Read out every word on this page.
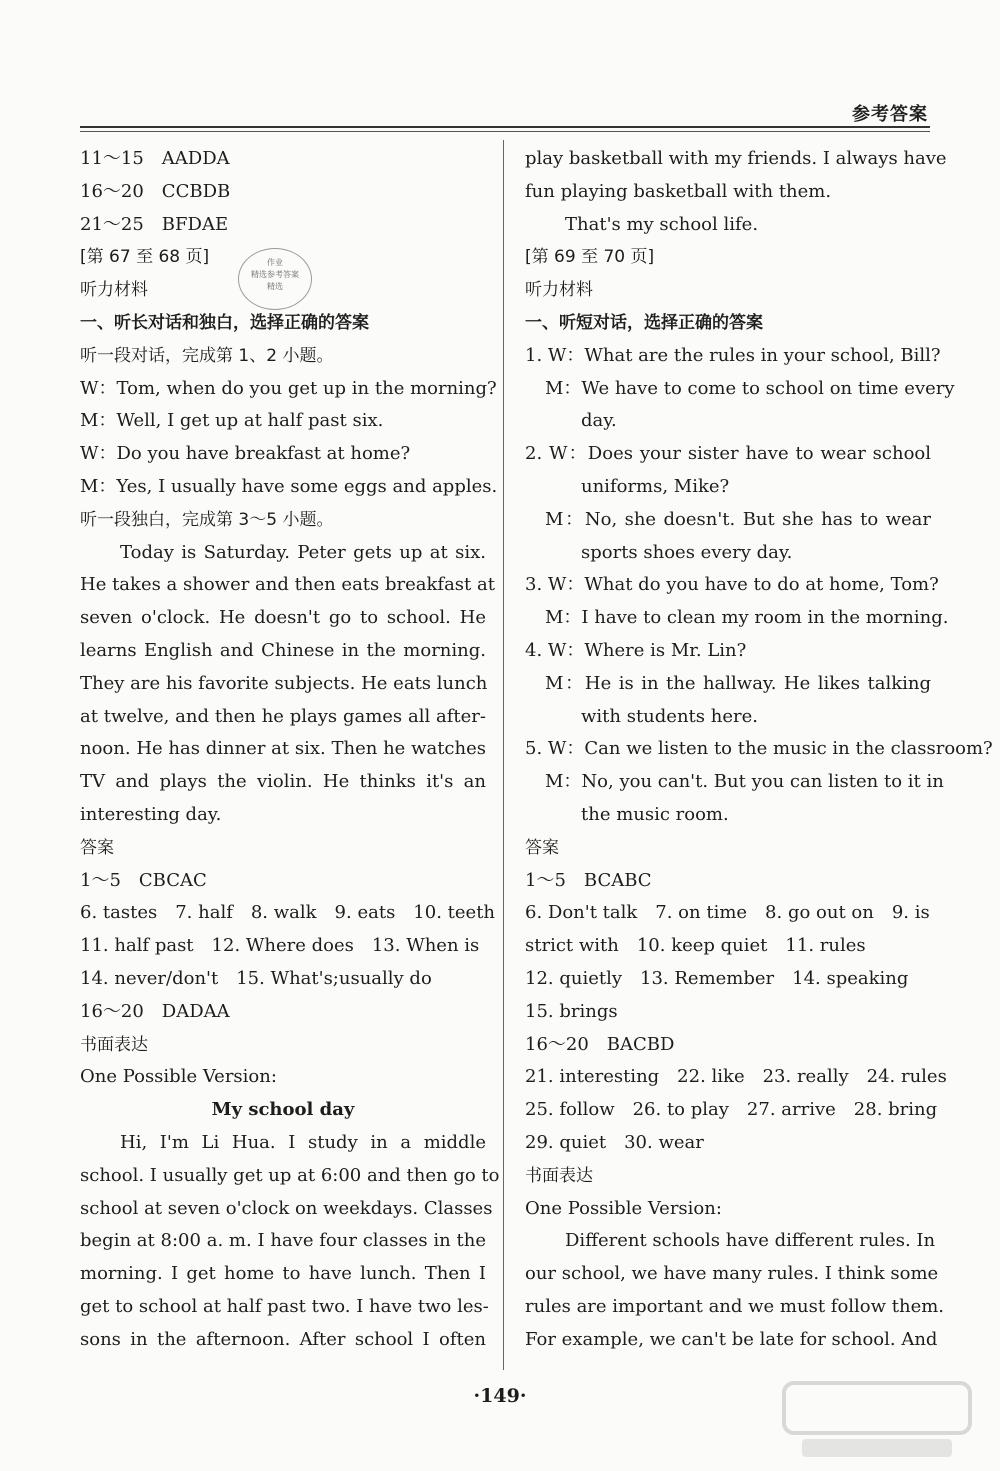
参考答案
作业
精选参考答案
精选
11～15　AADDA
16～20　CCBDB
21～25　BFDAE
[第 67 至 68 页]
听力材料
一、听长对话和独白，选择正确的答案
听一段对话，完成第 1、2 小题。
W：Tom, when do you get up in the morning?
M：Well, I get up at half past six.
W：Do you have breakfast at home?
M：Yes, I usually have some eggs and apples.
听一段独白，完成第 3～5 小题。
Today is Saturday. Peter gets up at six.
He takes a shower and then eats breakfast at
seven o'clock. He doesn't go to school. He
learns English and Chinese in the morning.
They are his favorite subjects. He eats lunch
at twelve, and then he plays games all after-
noon. He has dinner at six. Then he watches
TV and plays the violin. He thinks it's an
interesting day.
答案
1～5　CBCAC
6. tastes　7. half　8. walk　9. eats　10. teeth
11. half past　12. Where does　13. When is
14. never/don't　15. What's;usually do
16～20　DADAA
书面表达
One Possible Version:
My school day
Hi, I'm Li Hua. I study in a middle
school. I usually get up at 6:00 and then go to
school at seven o'clock on weekdays. Classes
begin at 8:00 a. m. I have four classes in the
morning. I get home to have lunch. Then I
get to school at half past two. I have two les-
sons in the afternoon. After school I often
play basketball with my friends. I always have
fun playing basketball with them.
That's my school life.
[第 69 至 70 页]
听力材料
一、听短对话，选择正确的答案
1. W：What are the rules in your school, Bill?
M：We have to come to school on time every
day.
2. W：Does your sister have to wear school
uniforms, Mike?
M：No, she doesn't. But she has to wear
sports shoes every day.
3. W：What do you have to do at home, Tom?
M：I have to clean my room in the morning.
4. W：Where is Mr. Lin?
M：He is in the hallway. He likes talking
with students here.
5. W：Can we listen to the music in the classroom?
M：No, you can't. But you can listen to it in
the music room.
答案
1～5　BCABC
6. Don't talk　7. on time　8. go out on　9. is
strict with　10. keep quiet　11. rules
12. quietly　13. Remember　14. speaking
15. brings
16～20　BACBD
21. interesting　22. like　23. really　24. rules
25. follow　26. to play　27. arrive　28. bring
29. quiet　30. wear
书面表达
One Possible Version:
Different schools have different rules. In
our school, we have many rules. I think some
rules are important and we must follow them.
For example, we can't be late for school. And
·149·
